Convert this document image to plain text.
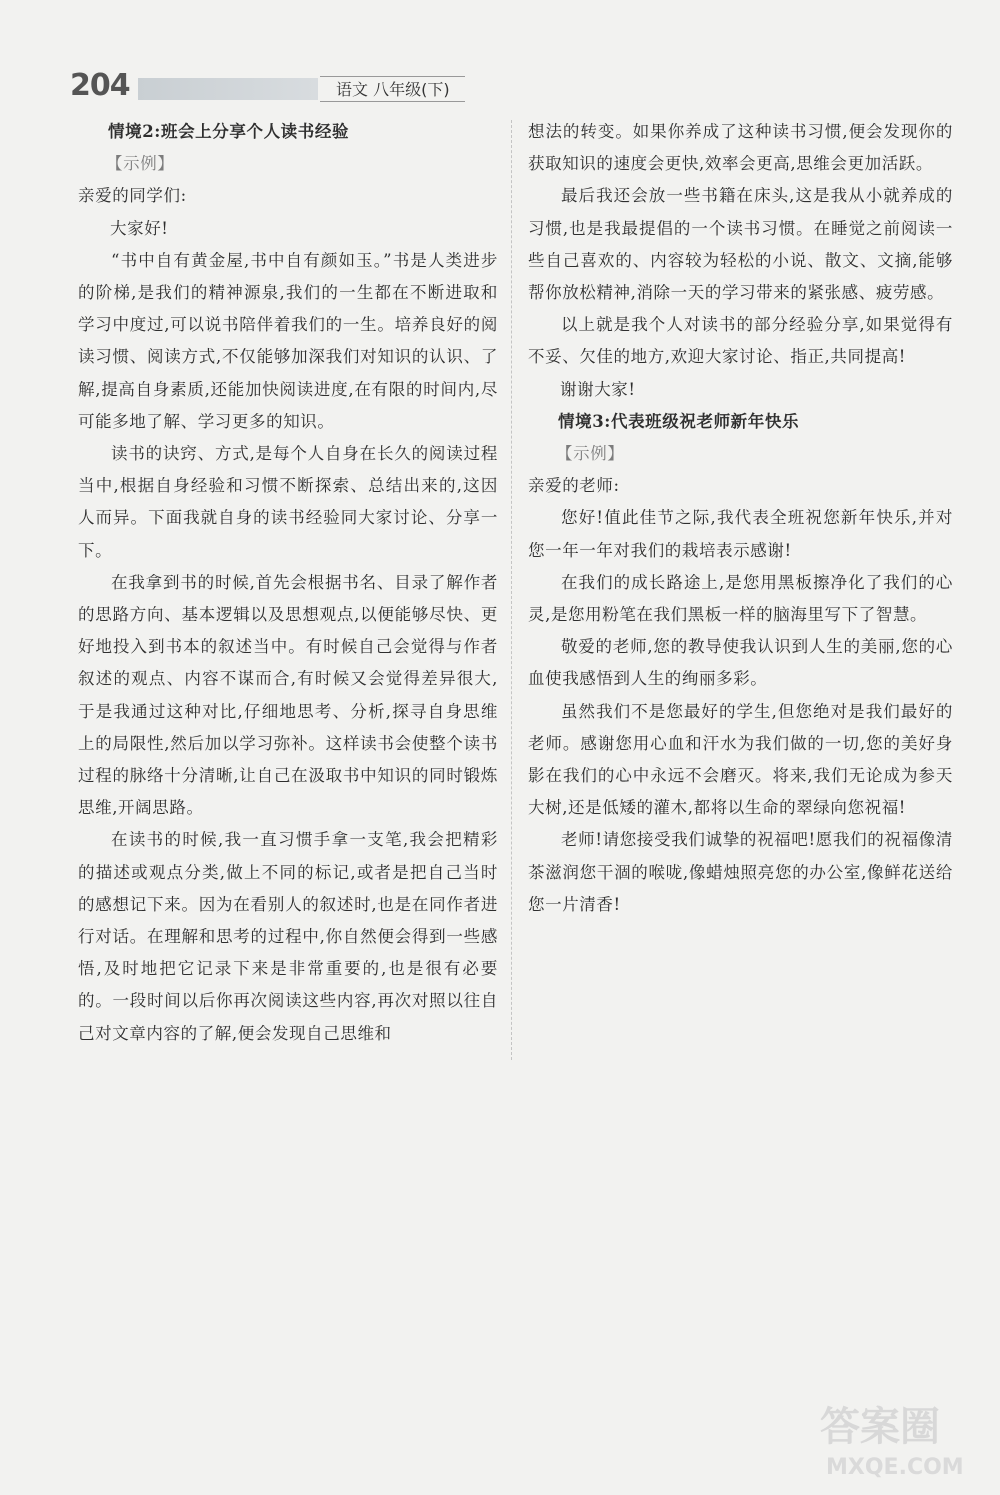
204	语文 八年级(下)

情境2:班会上分享个人读书经验

【示例】

亲爱的同学们:

大家好!

“书中自有黄金屋,书中自有颜如玉。”书是人类进步的阶梯,是我们的精神源泉,我们的一生都在不断进取和学习中度过,可以说书陪伴着我们的一生。培养良好的阅读习惯、阅读方式,不仅能够加深我们对知识的认识、了解,提高自身素质,还能加快阅读进度,在有限的时间内,尽可能多地了解、学习更多的知识。

读书的诀窍、方式,是每个人自身在长久的阅读过程当中,根据自身经验和习惯不断探索、总结出来的,这因人而异。下面我就自身的读书经验同大家讨论、分享一下。

在我拿到书的时候,首先会根据书名、目录了解作者的思路方向、基本逻辑以及思想观点,以便能够尽快、更好地投入到书本的叙述当中。有时候自己会觉得与作者叙述的观点、内容不谋而合,有时候又会觉得差异很大,于是我通过这种对比,仔细地思考、分析,探寻自身思维上的局限性,然后加以学习弥补。这样读书会使整个读书过程的脉络十分清晰,让自己在汲取书中知识的同时锻炼思维,开阔思路。

在读书的时候,我一直习惯手拿一支笔,我会把精彩的描述或观点分类,做上不同的标记,或者是把自己当时的感想记下来。因为在看别人的叙述时,也是在同作者进行对话。在理解和思考的过程中,你自然便会得到一些感悟,及时地把它记录下来是非常重要的,也是很有必要的。一段时间以后你再次阅读这些内容,再次对照以往自己对文章内容的了解,便会发现自己思维和

想法的转变。如果你养成了这种读书习惯,便会发现你的获取知识的速度会更快,效率会更高,思维会更加活跃。

最后我还会放一些书籍在床头,这是我从小就养成的习惯,也是我最提倡的一个读书习惯。在睡觉之前阅读一些自己喜欢的、内容较为轻松的小说、散文、文摘,能够帮你放松精神,消除一天的学习带来的紧张感、疲劳感。

以上就是我个人对读书的部分经验分享,如果觉得有不妥、欠佳的地方,欢迎大家讨论、指正,共同提高!

谢谢大家!

情境3:代表班级祝老师新年快乐

【示例】

亲爱的老师:

您好!值此佳节之际,我代表全班祝您新年快乐,并对您一年一年对我们的栽培表示感谢!

在我们的成长路途上,是您用黑板擦净化了我们的心灵,是您用粉笔在我们黑板一样的脑海里写下了智慧。

敬爱的老师,您的教导使我认识到人生的美丽,您的心血使我感悟到人生的绚丽多彩。

虽然我们不是您最好的学生,但您绝对是我们最好的老师。感谢您用心血和汗水为我们做的一切,您的美好身影在我们的心中永远不会磨灭。将来,我们无论成为参天大树,还是低矮的灌木,都将以生命的翠绿向您祝福!

老师!请您接受我们诚挚的祝福吧!愿我们的祝福像清茶滋润您干涸的喉咙,像蜡烛照亮您的办公室,像鲜花送给您一片清香!

答案圈
MXQE.COM
